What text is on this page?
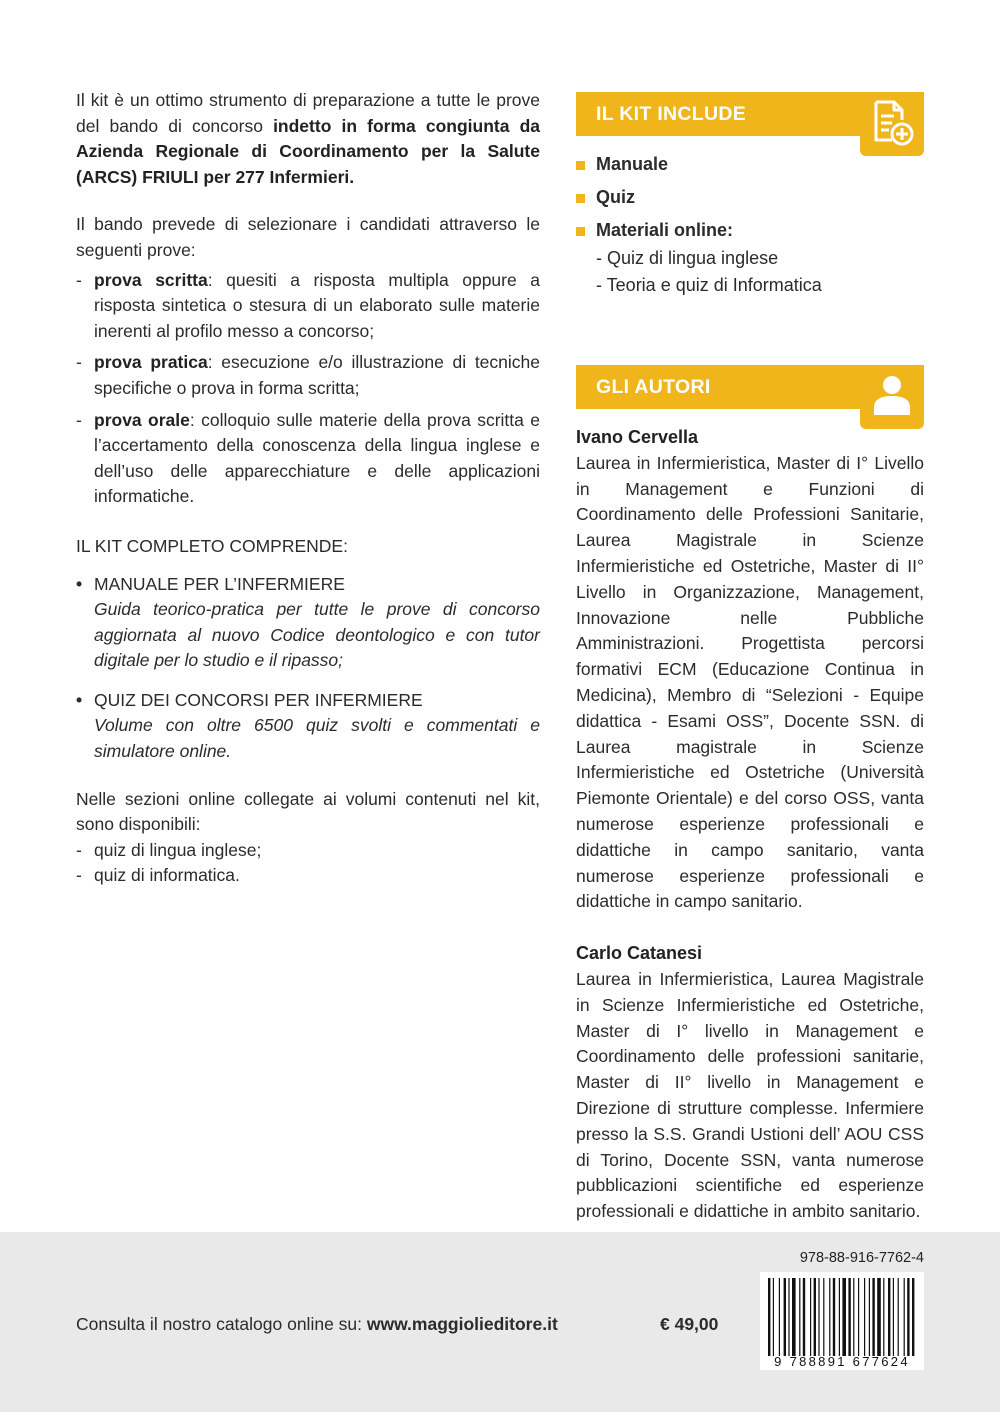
Il kit è un ottimo strumento di preparazione a tutte le prove del bando di concorso indetto in forma congiunta da Azienda Regionale di Coordinamento per la Salute (ARCS) FRIULI per 277 Infermieri.

Il bando prevede di selezionare i candidati attraverso le seguenti prove:

- prova scritta: quesiti a risposta multipla oppure a risposta sintetica o stesura di un elaborato sulle materie inerenti al profilo messo a concorso;
- prova pratica: esecuzione e/o illustrazione di tecniche specifiche o prova in forma scritta;
- prova orale: colloquio sulle materie della prova scritta e l’accertamento della conoscenza della lingua inglese e dell’uso delle apparecchiature e delle applicazioni informatiche.

IL KIT COMPLETO COMPRENDE:

• MANUALE PER L’INFERMIERE
Guida teorico-pratica per tutte le prove di concorso aggiornata al nuovo Codice deontologico e con tutor digitale per lo studio e il ripasso;
• QUIZ DEI CONCORSI PER INFERMIERE
Volume con oltre 6500 quiz svolti e commentati e simulatore online.

Nelle sezioni online collegate ai volumi contenuti nel kit, sono disponibili:

- quiz di lingua inglese;
- quiz di informatica.
IL KIT INCLUDE
Manuale
Quiz
Materiali online:
- Quiz di lingua inglese
- Teoria e quiz di Informatica
GLI AUTORI
Ivano Cervella
Laurea in Infermieristica, Master di I° Livello in Management e Funzioni di Coordinamento delle Professioni Sanitarie, Laurea Magistrale in Scienze Infermieristiche ed Ostetriche, Master di II° Livello in Organizzazione, Management, Innovazione nelle Pubbliche Amministrazioni. Progettista percorsi formativi ECM (Educazione Continua in Medicina), Membro di “Selezioni - Equipe didattica - Esami OSS”, Docente SSN. di Laurea magistrale in Scienze Infermieristiche ed Ostetriche (Università Piemonte Orientale) e del corso OSS, vanta numerose esperienze professionali e didattiche in campo sanitario, vanta numerose esperienze professionali e didattiche in campo sanitario.
Carlo Catanesi
Laurea in Infermieristica, Laurea Magistrale in Scienze Infermieristiche ed Ostetriche, Master di I° livello in Management e Coordinamento delle professioni sanitarie, Master di II° livello in Management e Direzione di strutture complesse. Infermiere presso la S.S. Grandi Ustioni dell’ AOU CSS di Torino, Docente SSN, vanta numerose pubblicazioni scientifiche ed esperienze professionali e didattiche in ambito sanitario.
Consulta il nostro catalogo online su: www.maggiolieditore.it	€ 49,00
978-88-916-7762-4
9 788891 677624
